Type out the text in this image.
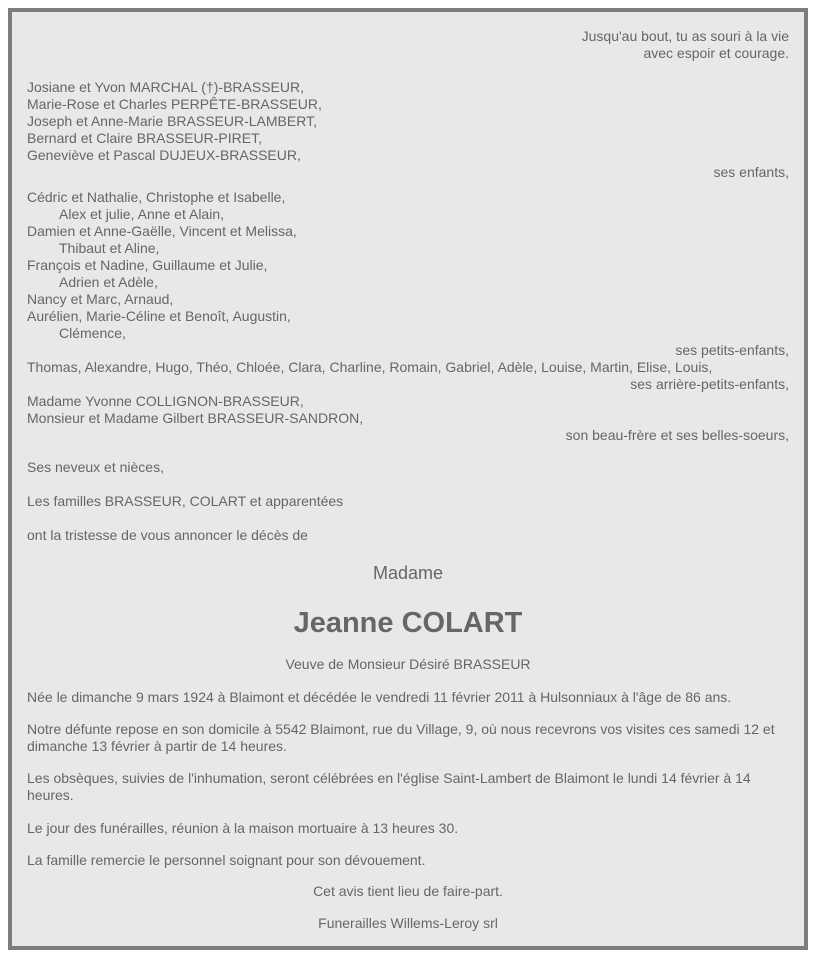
Jusqu'au bout, tu as souri à la vie
avec espoir et courage.
Josiane et Yvon MARCHAL (†)-BRASSEUR,
Marie-Rose et Charles PERPÊTE-BRASSEUR,
Joseph et Anne-Marie BRASSEUR-LAMBERT,
Bernard et Claire BRASSEUR-PIRET,
Geneviève et Pascal DUJEUX-BRASSEUR,
ses enfants,
Cédric et Nathalie, Christophe et Isabelle,
Alex et julie, Anne et Alain,
Damien et Anne-Gaëlle, Vincent et Melissa,
Thibaut et Aline,
François et Nadine, Guillaume et Julie,
Adrien et Adèle,
Nancy et Marc, Arnaud,
Aurélien, Marie-Céline et Benoît, Augustin,
Clémence,
ses petits-enfants,
Thomas, Alexandre, Hugo, Théo, Chloée, Clara, Charline, Romain, Gabriel, Adèle, Louise, Martin, Elise, Louis,
ses arrière-petits-enfants,
Madame Yvonne COLLIGNON-BRASSEUR,
Monsieur et Madame Gilbert BRASSEUR-SANDRON,
son beau-frère et ses belles-soeurs,
Ses neveux et nièces,
Les familles BRASSEUR, COLART et apparentées
ont la tristesse de vous annoncer le décès de
Madame
Jeanne COLART
Veuve de Monsieur Désiré BRASSEUR
Née le dimanche 9 mars 1924 à Blaimont et décédée le vendredi 11 février 2011 à Hulsonniaux à l'âge de 86 ans.
Notre défunte repose en son domicile à 5542 Blaimont, rue du Village, 9, où nous recevrons vos visites ces samedi 12 et dimanche 13 février à partir de 14 heures.
Les obsèques, suivies de l'inhumation, seront célébrées en l'église Saint-Lambert de Blaimont le lundi 14 février à 14 heures.
Le jour des funérailles, réunion à la maison mortuaire à 13 heures 30.
La famille remercie le personnel soignant pour son dévouement.
Cet avis tient lieu de faire-part.
Funerailles Willems-Leroy srl
